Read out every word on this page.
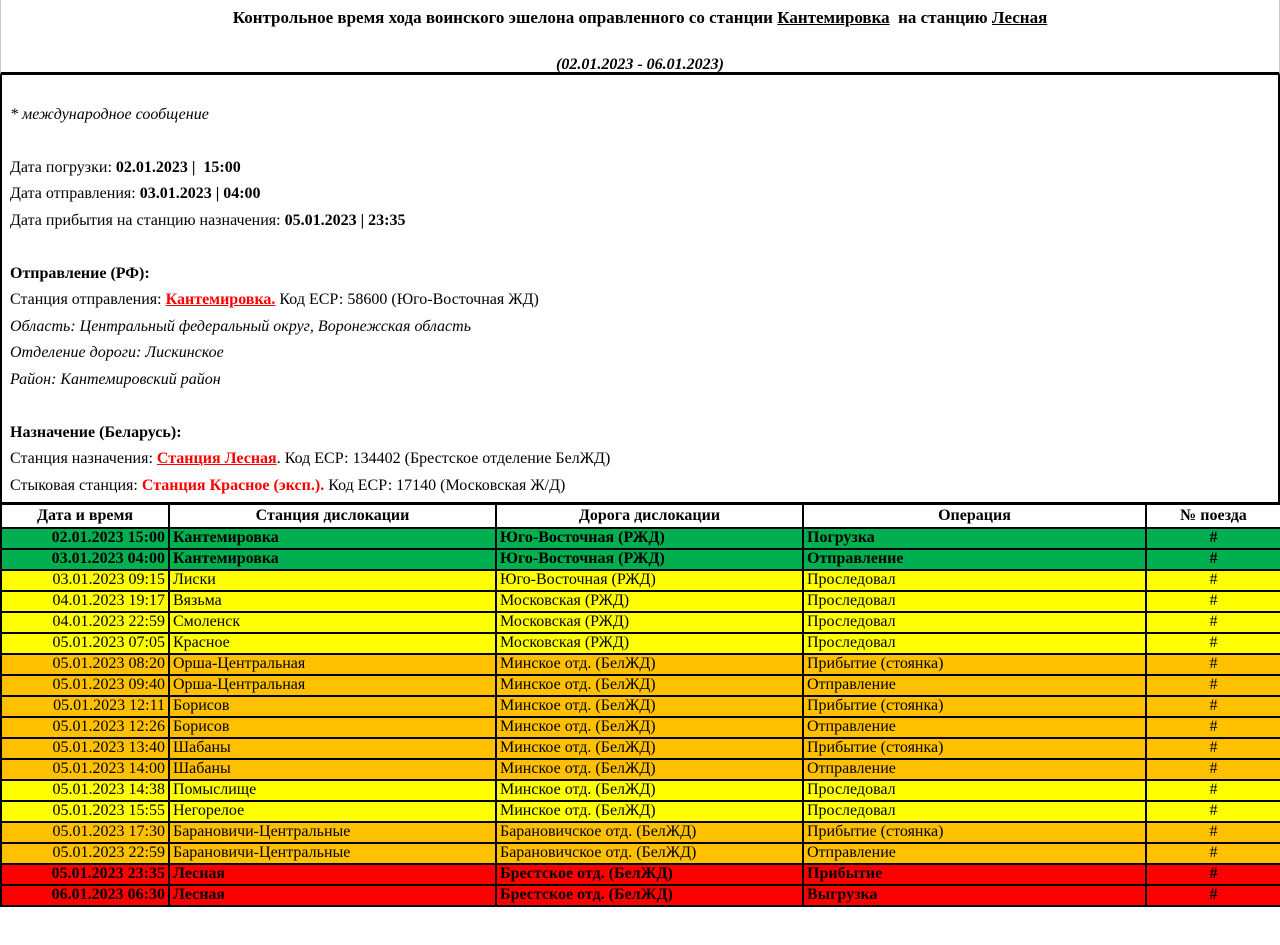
Контрольное время хода воинского эшелона оправленного со станции Кантемировка  на станцию Лесная
(02.01.2023 - 06.01.2023)

* международное сообщение

Дата погрузки: 02.01.2023 |  15:00

Дата отправления: 03.01.2023 | 04:00

Дата прибытия на станцию назначения: 05.01.2023 | 23:35

Отправление (РФ):

Станция отправления: Кантемировка. Код ЕСР: 58600 (Юго-Восточная ЖД)

Область: Центральный федеральный округ, Воронежская область

Отделение дороги: Лискинское

Район: Кантемировский район

Назначение (Беларусь):

Станция назначения: Станция Лесная. Код ЕСР: 134402 (Брестское отделение БелЖД)

Стыковая станция: Станция Красное (эксп.). Код ЕСР: 17140 (Московская Ж/Д)

Дата и время	Станция дислокации	Дорога дислокации	Операция	№ поезда
02.01.2023 15:00	Кантемировка	Юго-Восточная (РЖД)	Погрузка	#
03.01.2023 04:00	Кантемировка	Юго-Восточная (РЖД)	Отправление	#
03.01.2023 09:15	Лиски	Юго-Восточная (РЖД)	Проследовал	#
04.01.2023 19:17	Вязьма	Московская (РЖД)	Проследовал	#
04.01.2023 22:59	Смоленск	Московская (РЖД)	Проследовал	#
05.01.2023 07:05	Красное	Московская (РЖД)	Проследовал	#
05.01.2023 08:20	Орша-Центральная	Минское отд. (БелЖД)	Прибытие (стоянка)	#
05.01.2023 09:40	Орша-Центральная	Минское отд. (БелЖД)	Отправление	#
05.01.2023 12:11	Борисов	Минское отд. (БелЖД)	Прибытие (стоянка)	#
05.01.2023 12:26	Борисов	Минское отд. (БелЖД)	Отправление	#
05.01.2023 13:40	Шабаны	Минское отд. (БелЖД)	Прибытие (стоянка)	#
05.01.2023 14:00	Шабаны	Минское отд. (БелЖД)	Отправление	#
05.01.2023 14:38	Помыслище	Минское отд. (БелЖД)	Проследовал	#
05.01.2023 15:55	Негорелое	Минское отд. (БелЖД)	Проследовал	#
05.01.2023 17:30	Барановичи-Центральные	Барановичское отд. (БелЖД)	Прибытие (стоянка)	#
05.01.2023 22:59	Барановичи-Центральные	Барановичское отд. (БелЖД)	Отправление	#
05.01.2023 23:35	Лесная	Брестское отд. (БелЖД)	Прибытие	#
06.01.2023 06:30	Лесная	Брестское отд. (БелЖД)	Выгрузка	#
